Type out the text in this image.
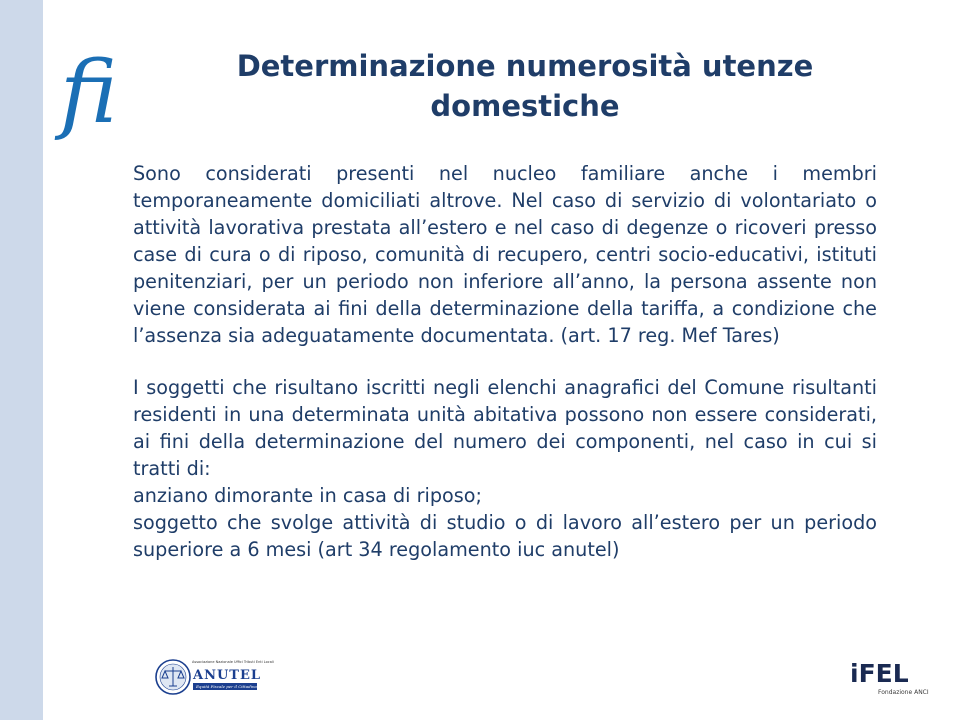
fi	Determinazione numerosità utenze domestiche

Sono considerati presenti nel nucleo familiare anche i membri temporaneamente domiciliati altrove. Nel caso di servizio di volontariato o attività lavorativa prestata all’estero e nel caso di degenze o ricoveri presso case di cura o di riposo, comunità di recupero, centri socio-educativi, istituti penitenziari, per un periodo non inferiore all’anno, la persona assente non viene considerata ai fini della determinazione della tariffa, a condizione che l’assenza sia adeguatamente documentata. (art. 17 reg. Mef Tares)

I soggetti che risultano iscritti negli elenchi anagrafici del Comune risultanti residenti in una determinata unità abitativa possono non essere considerati, ai fini della determinazione del numero dei componenti, nel caso in cui si tratti di:

anziano dimorante in casa di riposo;

soggetto che svolge attività di studio o di lavoro all’estero per un periodo superiore a 6 mesi (art 34 regolamento iuc anutel)

Associazione Nazionale Uffici Tributi Enti Locali
ANUTEL
Equità Fiscale per il Cittadino	iFEL
Fondazione ANCI
